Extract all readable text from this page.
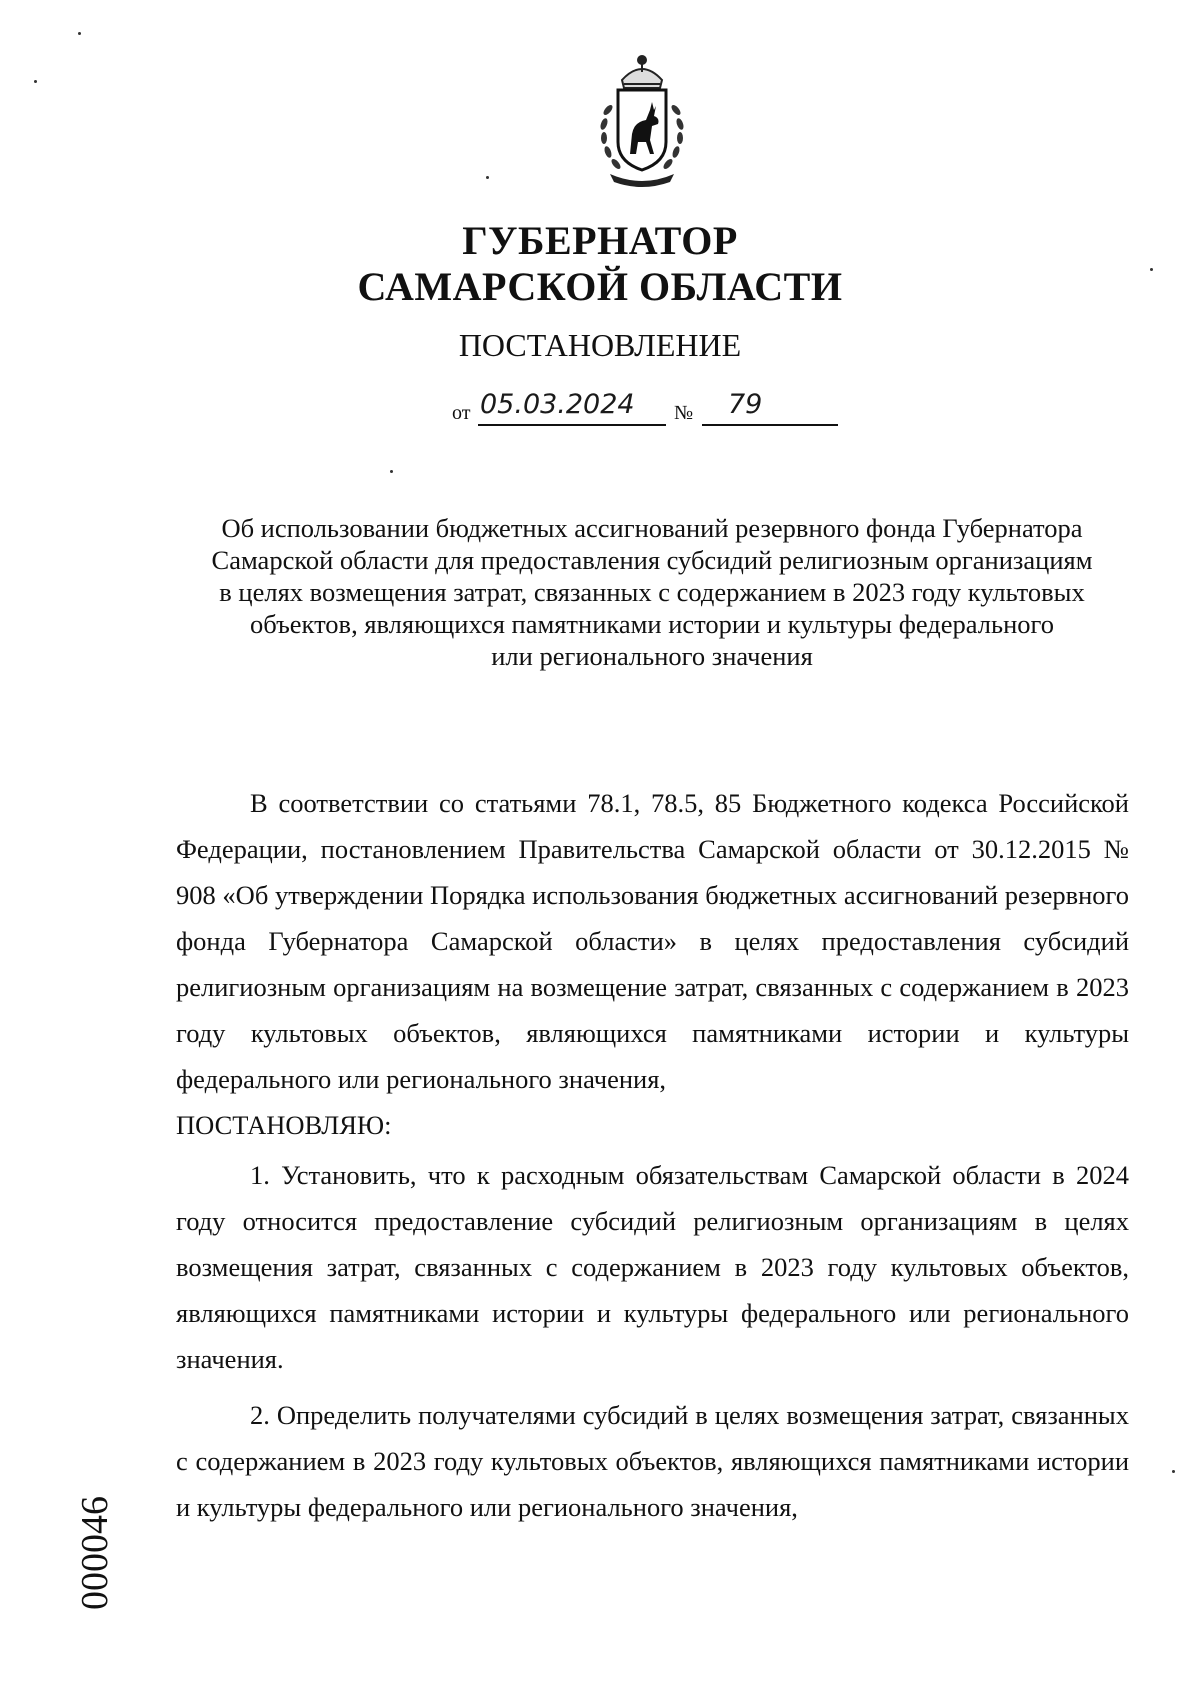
ГУБЕРНАТОР
САМАРСКОЙ ОБЛАСТИ
ПОСТАНОВЛЕНИЕ
от 05.03.2024 № 79
Об использовании бюджетных ассигнований резервного фонда Губернатора
Самарской области для предоставления субсидий религиозным организациям
в целях возмещения затрат, связанных с содержанием в 2023 году культовых
объектов, являющихся памятниками истории и культуры федерального
или регионального значения

В соответствии со статьями 78.1, 78.5, 85 Бюджетного кодекса Российской Федерации, постановлением Правительства Самарской области от 30.12.2015 № 908 «Об утверждении Порядка использования бюджетных ассигнований резервного фонда Губернатора Самарской области» в целях предоставления субсидий религиозным организациям на возмещение затрат, связанных с содержанием в 2023 году культовых объектов, являющихся памятниками истории и культуры федерального или регионального значения,

ПОСТАНОВЛЯЮ:

1. Установить, что к расходным обязательствам Самарской области в 2024 году относится предоставление субсидий религиозным организациям в целях возмещения затрат, связанных с содержанием в 2023 году культовых объектов, являющихся памятниками истории и культуры федерального или регионального значения.

2. Определить получателями субсидий в целях возмещения затрат, связанных с содержанием в 2023 году культовых объектов, являющихся памятниками истории и культуры федерального или регионального значения,

000046
